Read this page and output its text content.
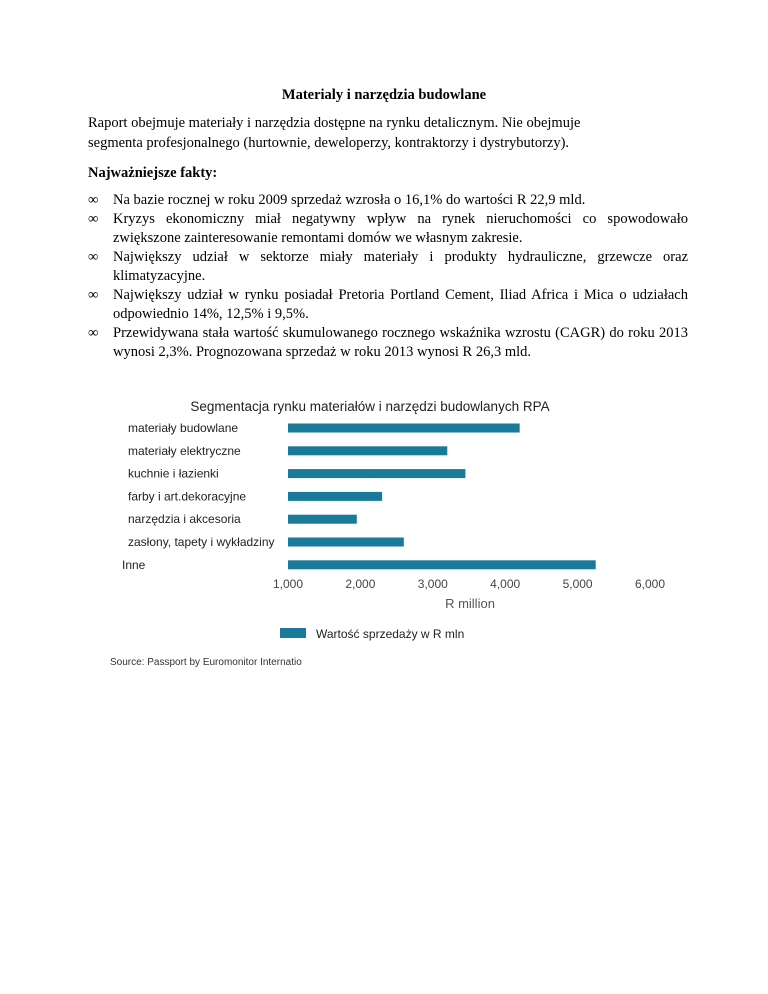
Materialy i narzędzia budowlane
Raport obejmuje materiały i narzędzia dostępne na rynku detalicznym. Nie obejmuje
segmenta profesjonalnego (hurtownie, deweloperzy, kontraktorzy i dystrybutorzy).
Najważniejsze fakty:
∞ Na bazie rocznej w roku 2009 sprzedaż wzrosła o 16,1% do wartości R 22,9 mld.
∞ Kryzys ekonomiczny miał negatywny wpływ na rynek nieruchomości co spowodowało zwiększone zainteresowanie remontami domów we własnym zakresie.
∞ Największy udział w sektorze miały materiały i produkty hydrauliczne, grzewcze oraz klimatyzacyjne.
∞ Największy udział w rynku posiadał Pretoria Portland Cement, Iliad Africa i Mica o udziałach odpowiednio 14%, 12,5% i 9,5%.
∞ Przewidywana stała wartość skumulowanego rocznego wskaźnika wzrostu (CAGR) do roku 2013 wynosi 2,3%. Prognozowana sprzedaż w roku 2013 wynosi R 26,3 mld.
Segmentacja rynku materiałów i narzędzi budowlanych RPA
materiały budowlane
materiały elektryczne
kuchnie i łazienki
farby i art.dekoracyjne
narzędzia i akcesoria
zasłony, tapety i wykładziny
Inne
1,000	2,000	3,000	4,000	5,000	6,000
R million
Wartość sprzedaży w R mln
Source: Passport by Euromonitor Internatio
